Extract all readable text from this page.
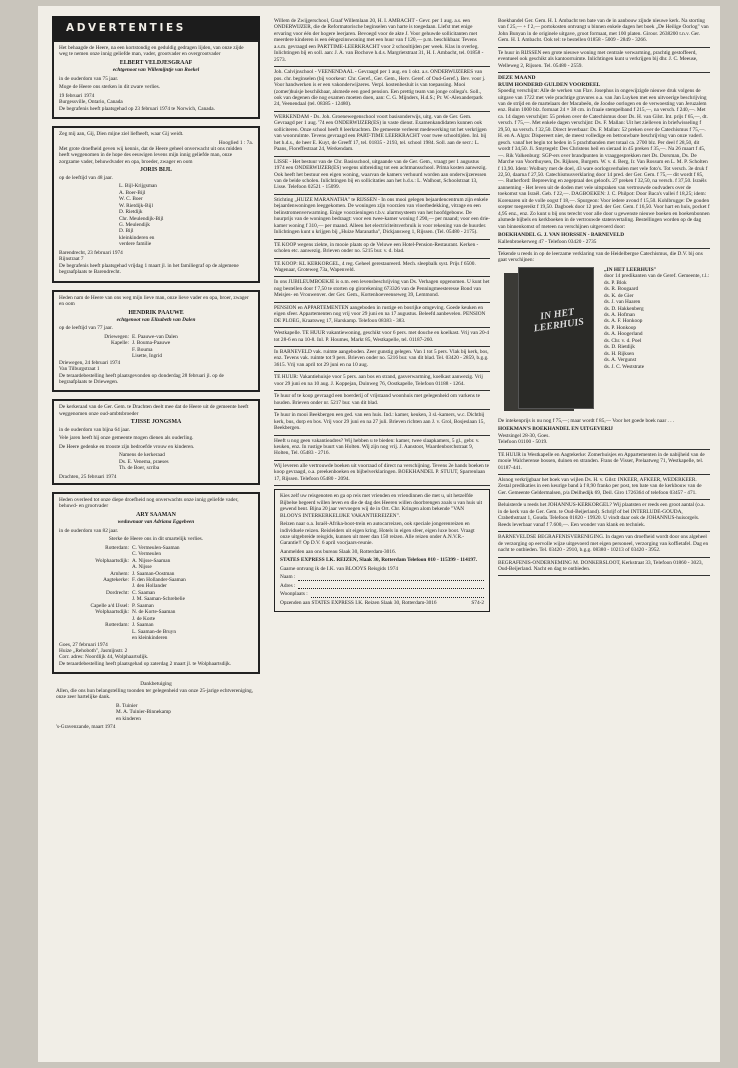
ADVERTENTIES

Het behaagde de Heere, na een kortstondig en geduldig gedragen lijden, van onze zijde weg te nemen onze innig geliefde man, vader, grootvader en overgrootvader

ELBERT VELDJESGRAAF
echtgenoot van Willemijntje van Roekel

in de ouderdom van 75 jaar.

Moge de Heere ons sterken in dit zware verlies.

19 februari 1974
Burgessville, Ontario, Canada

De begrafenis heeft plaatsgehad op 23 februari 1974 te Norwich, Canada.

Zeg mij aan, Gij, Dien mijne ziel liefheeft, waar Gij weidt.

Hooglied 1 : 7a.

Met grote droefheid geven wij kennis, dat de Heere geheel onverwacht uit ons midden heeft weggenomen in de hope des eeuwigen levens mijn innig geliefde man, onze zorgzame vader, behuwdvader en opa, broeder, zwager en oom

JORIS BIJL

op de leeftijd van 48 jaar.

L. Bijl-Krijgsman
A. Boer-Bijl
W. C. Boer
W. Rietdijk-Bijl
D. Rietdijk
Chr. Meulendijk-Bijl
G. Meulendijk
D. Bijl
kleinkinderen en
verdere familie
Barendrecht, 23 februari 1974
Rijnstraat 7

De begrafenis heeft plaatsgehad vrijdag 1 maart jl. in het familiegraf op de algemene begraafplaats te Barendrecht.

Heden nam de Heere van ons weg mijn lieve man, onze lieve vader en opa, broer, zwager en oom

HENDRIK PAAUWE
echtgenoot van Elizabeth van Dalen

op de leeftijd van 77 jaar.

Driewegen: E. Paauwe-van Dalen
Kapelle: J. Bouma-Paauwe
F. Bouma
Lisette, Ingrid
Driewegen, 24 februari 1974
Van Tilburgstraat 1

De teraardebestelling heeft plaatsgevonden op donderdag 28 februari jl. op de begraafplaats te Driewegen.

De kerkeraad van de Ger. Gem. te Drachten deelt mee dat de Heere uit de gemeente heeft weggenomen onze oud-ambtsbroeder

TJISSE JONGSMA

in de ouderdom van bijna 64 jaar.

Vele jaren heeft hij onze gemeente mogen dienen als ouderling.

De Heere gedenke en trooste zijn bedroefde vrouw en kinderen.

Namens de kerkeraad
Ds. E. Venema, praeses
Th. de Boer, scriba
Drachten, 25 februari 1974

Heden overleed tot onze diepe droefheid nog onverwachts onze innig geliefde vader, behuwd- en grootvader

ARY SAAMAN
weduwnaar van Adriana Eggebeen

in de ouderdom van 82 jaar.

Sterke de Heere ons in dit smartelijk verlies.

Rotterdam: C. Vermeulen-Saaman
C. Vermeulen
Wolphaartsdijk: A. Nijsse-Saaman
A. Nijsse
Arnhem: J. Saaman-Oostman
Aagtekerke: F. den Hollander-Saaman
J. den Hollander
Dordrecht: C. Saaman
J. M. Saaman-Schrebelie
Capelle a/d IJssel: P. Saaman
Wolphaartsdijk: N. de Korte-Saaman
J. de Korte
Rotterdam: J. Saaman
L. Saaman-de Bruyn
en kleinkinderen
Goes, 27 februari 1974
Huize „Rehoboth", Jasmijnstr. 2
Corr. adres: Noordlijk 44, Wolphaartsdijk.

De teraardebestelling heeft plaatsgehad op zaterdag 2 maart jl. te Wolphaartsdijk.

Dankbetuiging

Allen, die ons hun belangstelling toonden ter gelegenheid van onze 25-jarige echtvereniging, onze zeer hartelijke dank.

B. Tuinier
M. A. Tuinier-Binnekamp
en kinderen
's-Gravenzande, maart 1974
Willem de Zwijgerschool, Graaf Willemlaan 20, H. I. AMBACHT - Gevr. per 1 aug. a.s. een ONDERWIJZER, die de Reformatorische beginselen van harte is toegedaan. Liefst met enige ervaring voor één der hogere leerjaren. Bevoegd voor de akte J. Voor gehuwde sollicitanten met meerdere kinderen is een ééngezinswoning met een huur van f 120,— p.m. beschikbaar. Tevens a.s.m. gevraagd een PARTTIME-LEERKRACHT voor 2 schooltijden per week. Klas in overleg. Inlichtingen bij en soll. aan: J. A. van Bochove h.d.s. Margrietstraat 31, H. I. Ambacht, tel. 01858 - 2573.
Joh. Calvijnschool - VEENENDAAL - Gevraagd per 1 aug. en 1 okt. a.s. ONDERWIJZERES van pos. chr. beginselen (bij voorkeur: Chr. Geref., Ger. Gem., Herv. Geref. of Oud-Geref.). Bev. voor j. Voor handwerken is er een vakonderwijzeres. Verpl. kostenbesluit is van toepassing. Mooi (zomer)huisje beschikbaar, alsmede een goed pension. Een prettig team van jonge collega's. Soll., ook van degenen die nog examen moeten doen, aan: C. G. Mijnders, H.d.S.; Pr. W.-Alexanderpark 24, Veenendaal (tel. 08385 - 12480).
WERKENDAM - Ds. Joh. Groenewegenschool voort basisonderwijs, uitg. van de Ger. Gem. Gevraagd per 1 aug. '74 een ONDERWIJZER(ES) in vaste dienst. Examenkandidaten kunnen ook solliciteren. Onze school heeft 8 leerkrachten. De gemeente verleent medewerking tot het verkrijgen van woonruimte. Tevens gevraagd een PART-TIME LEERKRACHT voor twee schooltijden. Inl. bij het h.d.s., de heer E. Kuyt, de Greeff 17, tel. 01835 - 2193, tel. school 1984. Soll. aan de secr.: L. Paans, Floreffestraat 24, Werkendam.
LISSE - Het bestuur van de Chr. Basisschool, uitgaande van de Ger. Gem., vraagt per 1 augustus 1974 een ONDERWIJZER(ES) wegens uitbreiding tot een achtmansschool. Prima kosten aanwezig. Ook heeft het bestuur een eigen woning, waarvan de kamers verhuurd worden aan onderwijzeressen van de beide scholen. Inlichtingen bij en sollicitaties aan het h.d.s.: L. Walhout, Schoolstraat 13, Lisse. Telefoon 02521 - 15099.
Stichting „HUIZE MARANATHA" te RIJSSEN - In ons mooi gelegen bejaardencentrum zijn enkele bejaardenwoningen leeggekomen. De woningen zijn voorzien van vloerbedekking, vitrage en een belinstromenverwarming. Enige voorzieningen t.b.v. alarmsysteem van het hoofdgebouw. De huurprijs van de woningen bedraagt: voor een twee-kamer woning f 290,— per maand; voor een drie-kamer woning f 310,— per maand. Alleen het electriciteitsverbruik is voor rekening van de huurder. Inlichtingen kunt u krijgen bij „Huize Maranatha", Dickjansweg 1, Rijssen. (Tel. 05480 - 2175).
TE KOOP wegens ziekte, in mooie plaats op de Veluwe een Hotel-Pension-Restaurant. Kerken - scholen etc. aanwezig. Brieven onder no. 5215 bur. v. d. blad.
TE KOOP: KL KERKORGEL, 4 reg. Geheel gerestaureerd. Mech. sleepbalk syst. Prijs f 6500. Wagenaar, Groteweg 73a, Wapenveld.
In ons JUBILEUMBOEKJE is o.m. een levensbeschrijving van Ds. Verhagen opgenomen. U kunt het nog bestellen door f 7,50 te storten op girorekening 673326 van de Penningmeesteresse Bond van Meisjes- en Vrouwenver. der Ger. Gem., Kortenhoeveenseweg 39, Lemmond.
PENSION en APPARTEMENTEN aangeboden in rustige en bosrijke omgeving. Goede keuken en eigen sfeer. Appartementen nog vrij voor 29 juni en na 17 augustus. Beleefd aanbevelen. PENSION DE PLOEG, Kraatsweg 17, Harskamp. Telefoon 08383 - 383.
Westkapelle. TE HUUR vakantiewoning, geschikt voor 6 pers. met douche en koelkast. Vrij van 20-4 tot 28-6 en na 10-8. Inl. P. Houmes, Markt 85, Westkapelle, tel. 01187-260.
In BARNEVELD vak. ruimte aangeboden. Zeer gunstig gelegen. Van 1 tot 5 pers. Vlak bij kerk, bos, enz. Tevens vak. ruimte tot 9 pers. Brieven onder no. 5216 bur. van dit blad. Tel. 03420 - 2859, b.g.g. 3615. Vrij van april tot 29 juni en na 10 aug.
TE HUUR: Vakantiehuisje voor 5 pers. aan bos en strand, gasverwarming, koelkast aanwezig. Vrij voor 29 juni en na 10 aug. J. Koppejan, Duinweg 76, Oostkapelle, Telefoon 01188 - 1264.
Te huur of te koop gevraagd een boerderij of vrijstaand woonhuis met gelegenheid om varkens te houden. Brieven onder nr. 5217 bur. van dit blad.
Te huur in mooi Beekbergen een ged. van een huis. Ind.: kamer, keuken, 3 sl.-kamers, w.c. Dichtbij kerk, bus, dorp en bos. Vrij voor 29 juni en na 27 juli. Brieven richten aan J. v. Grol, Bosjeslaan 15, Beekbergen.
Heeft u nog geen vakantieadres? Wij hebben u te bieden: kamer, twee slaapkamers, 5 gl., gebr. v. keuken, enz. In rustige buurt van Holten. Wij zijn nog vrij. J. Aanstoot, Waardenborchstraat 9, Holten, Tel. 05483 - 2716.
Wij leveren alle vertrouwde boeken uit voorraad of direct na verschijning. Tevens 2e hands boeken te koop gevraagd, o.a. preekenboeken en bijbelverklaringen. BOEKHANDEL P. STUUT, Sparrenlaan 17, Rijssen. Telefoon 05480 - 2094.

Kies zelf uw reisgenoten en ga op reis met vrienden en vriendinnen die met u, uit hetzelfde Bijbelse begeerd willen leven en die de dag des Heeren willen doorbrengen zoals u van huis uit gewend bent. Bijna 20 jaar vervoegen wij de in Ort. Chr. Kringen alom bekende "VAN BLOOYS INTERKERKELIJKE VAKANTIEREIZEN".

Reizen naar o.a. Israël-Afrika-boot-trein en autocarreizen, ook speciale jongerenreizen en individuele reizen. Reisleiders uit eigen kring. Hotels in eigen sfeer, eigen luxe boot. Vraagt onze uitgebreide reisgids, kunnen uit meer dan 150 reizen. Alle reizen onder A.N.V.R.-Garantie!! Op D.V. 6 april voorjaars-reunie.

Aanmelden aan ons bureau Slaak 30, Rotterdam-3016.

STATES EXPRESS LK. REIZEN, Slaak 30, Rotterdam Telefoon 010 - 115399 - 114197.

Gaarne ontvang ik de I.K. van BLOOYS Reisgids 1974
Naam :
Adres :
Woonplaats :
Opzenden aan STATES EXPRESS I.K. Reizen Slaak 30, Rotterdam-3016	S74-2
Boekhandel Ger. Gem. H. I. Ambacht ten bate van de in aanbouw zijnde nieuwe kerk. Na storting van f 25,— + f 2,— portokosten ontvangt u binnen enkele dagen het boek „De Heilige Oorlog" van John Bunyan in de originele uitgave, groot formaat, met 100 platen. Giroor. 2638200 t.n.v. Ger. Gem. H. I. Ambacht. Ook tel: te bestellen 01858 - 5009 - 2849 - 3266.
Te huur in RIJSSEN een grote nieuwe woning met centrale verwarming, prachtig gestoffeerd, eventueel ook geschikt als kantoorruimte. Inlichtingen kunt u verkrijgen bij dhr. J. C. Meeuse, Welleweg 2, Rijssen. Tel. 05480 - 2559.
DEZE MAAND
RUIM HONDERD GULDEN VOORDEEL

Spoedig verschijnt: Alle de werken van Flav. Josephus in ongewijzigde nieuwe druk volgens de uitgave van 1722 met vele prachtige gravures o.a. van Jan Luyken met een uitvoerige beschrijving van de strijd en de martelaars der Macabeën, de Joodse oorlogen en de verwoesting van Jeruzalem enz. Ruim 1000 blz. formaat 24 × 38 cm. in fraaie stempelband f 215,—, na versch. f 240,—. Met ca. 14 dagen verschijnt: 55 preken over de Catechismus door Ds. H. van Gilst. Int. prijs f 65,—, dt. versch. f 75,—. Met enkele dagen verschijnt: Ds. F. Mallan: Uit het zielleven in briefwisseling f 29,50, na versch. f 32,50. Direct leverbaar: Ds. F. Mallan: 52 preken over de Catechismus f 75,—. H. en A. Algra: Dispereert niet, de meest volledige en betrouwbare beschrijving van onze vaderl. gesch. vanaf het begin tot heden in 5 prachtbanden met totaal ca. 2700 blz. Per deel f 28,50, dit wordt f 34,50. Ji. Smytegelt: Des Christens heil en sieraad in 45 preken f 35,—. Na 26 maart f 45,—. Rik Valkenburg: SGP-ers over brandpunten in vraaggesprekken met Ds. Dorsman, Ds. De Marche van Voorthuysen, Ds. Rijksen, Burgem. W. v. d. Berg, Ir. Van Rossum en L. M. P. Scholten f 13,90. Idem: Wolbury met de doel, 43 ware oorlogsverhalen met vele foto's. Tot versch. 3e druk f 22,50, daarna f 27,50. Catechismusverklaring door 14 pred. der Ger. Gem. f 75,— dit wordt f 85,—. Rutherford: Bepreeving en zegepraal des geloofs. 27 preken f 32,50, na versch. f 37,50. Israëls aanneming - Het leven uit de doden met vele uitspraken van vertrouwde oudvaders over de toekomst van Israël. Geb. f 22,—. DAGBOEKEN: J. C. Philpot: Door Baca's vallei f 18,25; idem: Korenaren uit de volle oogst f 18,—. Spurgeon: Voor iedere avond f 15,50. Kohlbrugge: De gouden scepter toegereikt f 19,50. Dagboek door 12 pred. der Ger. Gem. f 16,50. Voor hart en huis, pocket f 4,95 enz., enz. Zo kunt u bij ons terecht voor alle door u gewenste nieuwe boeken en boekenbonnen alsmede bijbels en kerkboeken in de vertrouwde statenvertaling. Bestellingen worden op de dag van binnenkomst of meteen na verschijnen uitgevoerd door:

BOEKHANDEL G. J. VAN HORSSEN - BARNEVELD
Kallenbroekerweg 47 - Telefoon 03420 - 2735

Tekende u reeds in op de leerzame verklaring van de Heidelbergse Catechismus, die D.V. bij ons gaat verschijnen:

IN HET LEERHUIS
„IN HET LEERHUIS"
door 14 predikanten van de Geref. Gemeente, t.l.:
ds. P. Blok
ds. R. Boogaard
ds. K. de Gier
ds. J. van Haaren
ds. D. Hakkenberg
ds. A. Hofman
ds. A. F. Honkoop
ds. P. Honkoop
ds. A. Hoogerland
ds. Chr. v. d. Poel
ds. D. Rietdijk
ds. H. Rijksen
ds. A. Vergunst
ds. J. C. Weststrate

De intekenprijs is nu nog f 75,—; maar wordt f 85,— Voor het goede boek naar . . .

HOEKMAN'S BOEKHANDEL EN UITGEVERIJ
Westsingel 28-30, Goes.
Telefoon 01100 - 5019.
TE HUUR in Westkapelle en Aagtekerke: Zomerhuisjes en Appartementen in de nabijheid van de mooie Walcherense bossen, duinen en stranden. Frans de Visser, Prelaatweg 71, Westkapelle, tel. 01187-441.
Alsnog verkrijgbaar het boek van wijlen Ds. H. v. Gilst: INKEER, AFKEER, WEDERKEER. Zestal predikaties in een keurige band à f 8,90 franko per post, ten bate van de kerkbouw van de Ger. Gemeente Geldermalsen, p/a Deilhedijk 69, Deil. Giro 1726364 of telefoon 03457 - 471.
Beluisterde u reeds het JOHANNUS-KERKORGEL? Wij plaatsten er reeds een groot aantal (o.a. in de kerk van de Ger. Gem. te Oud-Beijerland). Schrijf of bel INTERLUDE-GOUDA, Crabethstraat 1, Gouda. Telefoon 01820 - 19920. U vindt daar ook de JOHANNUS-huisorgels. Reeds leverbaar vanaf f 7.600,—. Een wonder van klank en techniek.
BARNEVELDSE BEGRAFENISVERENIGING. In dagen van droefheid wordt door ons algeheel de verzorging op eervolle wijze uitgevoerd met eigen personeel, verzorging van koffietafel. Dag en nacht te ontbieden. Tel. 03420 - 2910, b.g.g. 08380 - 10213 of 03420 - 3952.
BEGRAFENIS-ONDERNEMING M. DONKERSLOOT, Kerkstraat 33, Telefoon 01860 - 3023, Oud-Beijerland. Nacht en dag te ontbieden.
